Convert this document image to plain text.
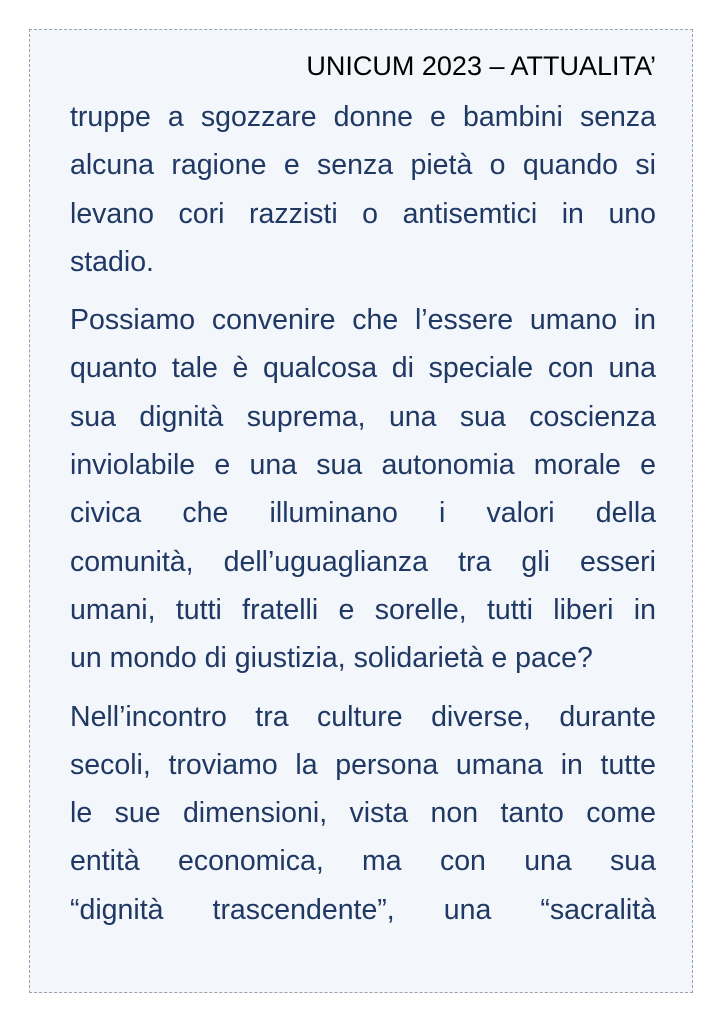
UNICUM 2023 – ATTUALITA’
truppe a sgozzare donne e bambini senza
alcuna ragione e senza pietà o quando si
levano cori razzisti o antisemtici in uno
stadio.
Possiamo convenire che l’essere umano in
quanto tale è qualcosa di speciale con una
sua dignità suprema, una sua coscienza
inviolabile e una sua autonomia morale e
civica che illuminano i valori della
comunità, dell’uguaglianza tra gli esseri
umani, tutti fratelli e sorelle, tutti liberi in
un mondo di giustizia, solidarietà e pace?
Nell’incontro tra culture diverse, durante
secoli, troviamo la persona umana in tutte
le sue dimensioni, vista non tanto come
entità economica, ma con una sua
“dignità trascendente”, una “sacralità
